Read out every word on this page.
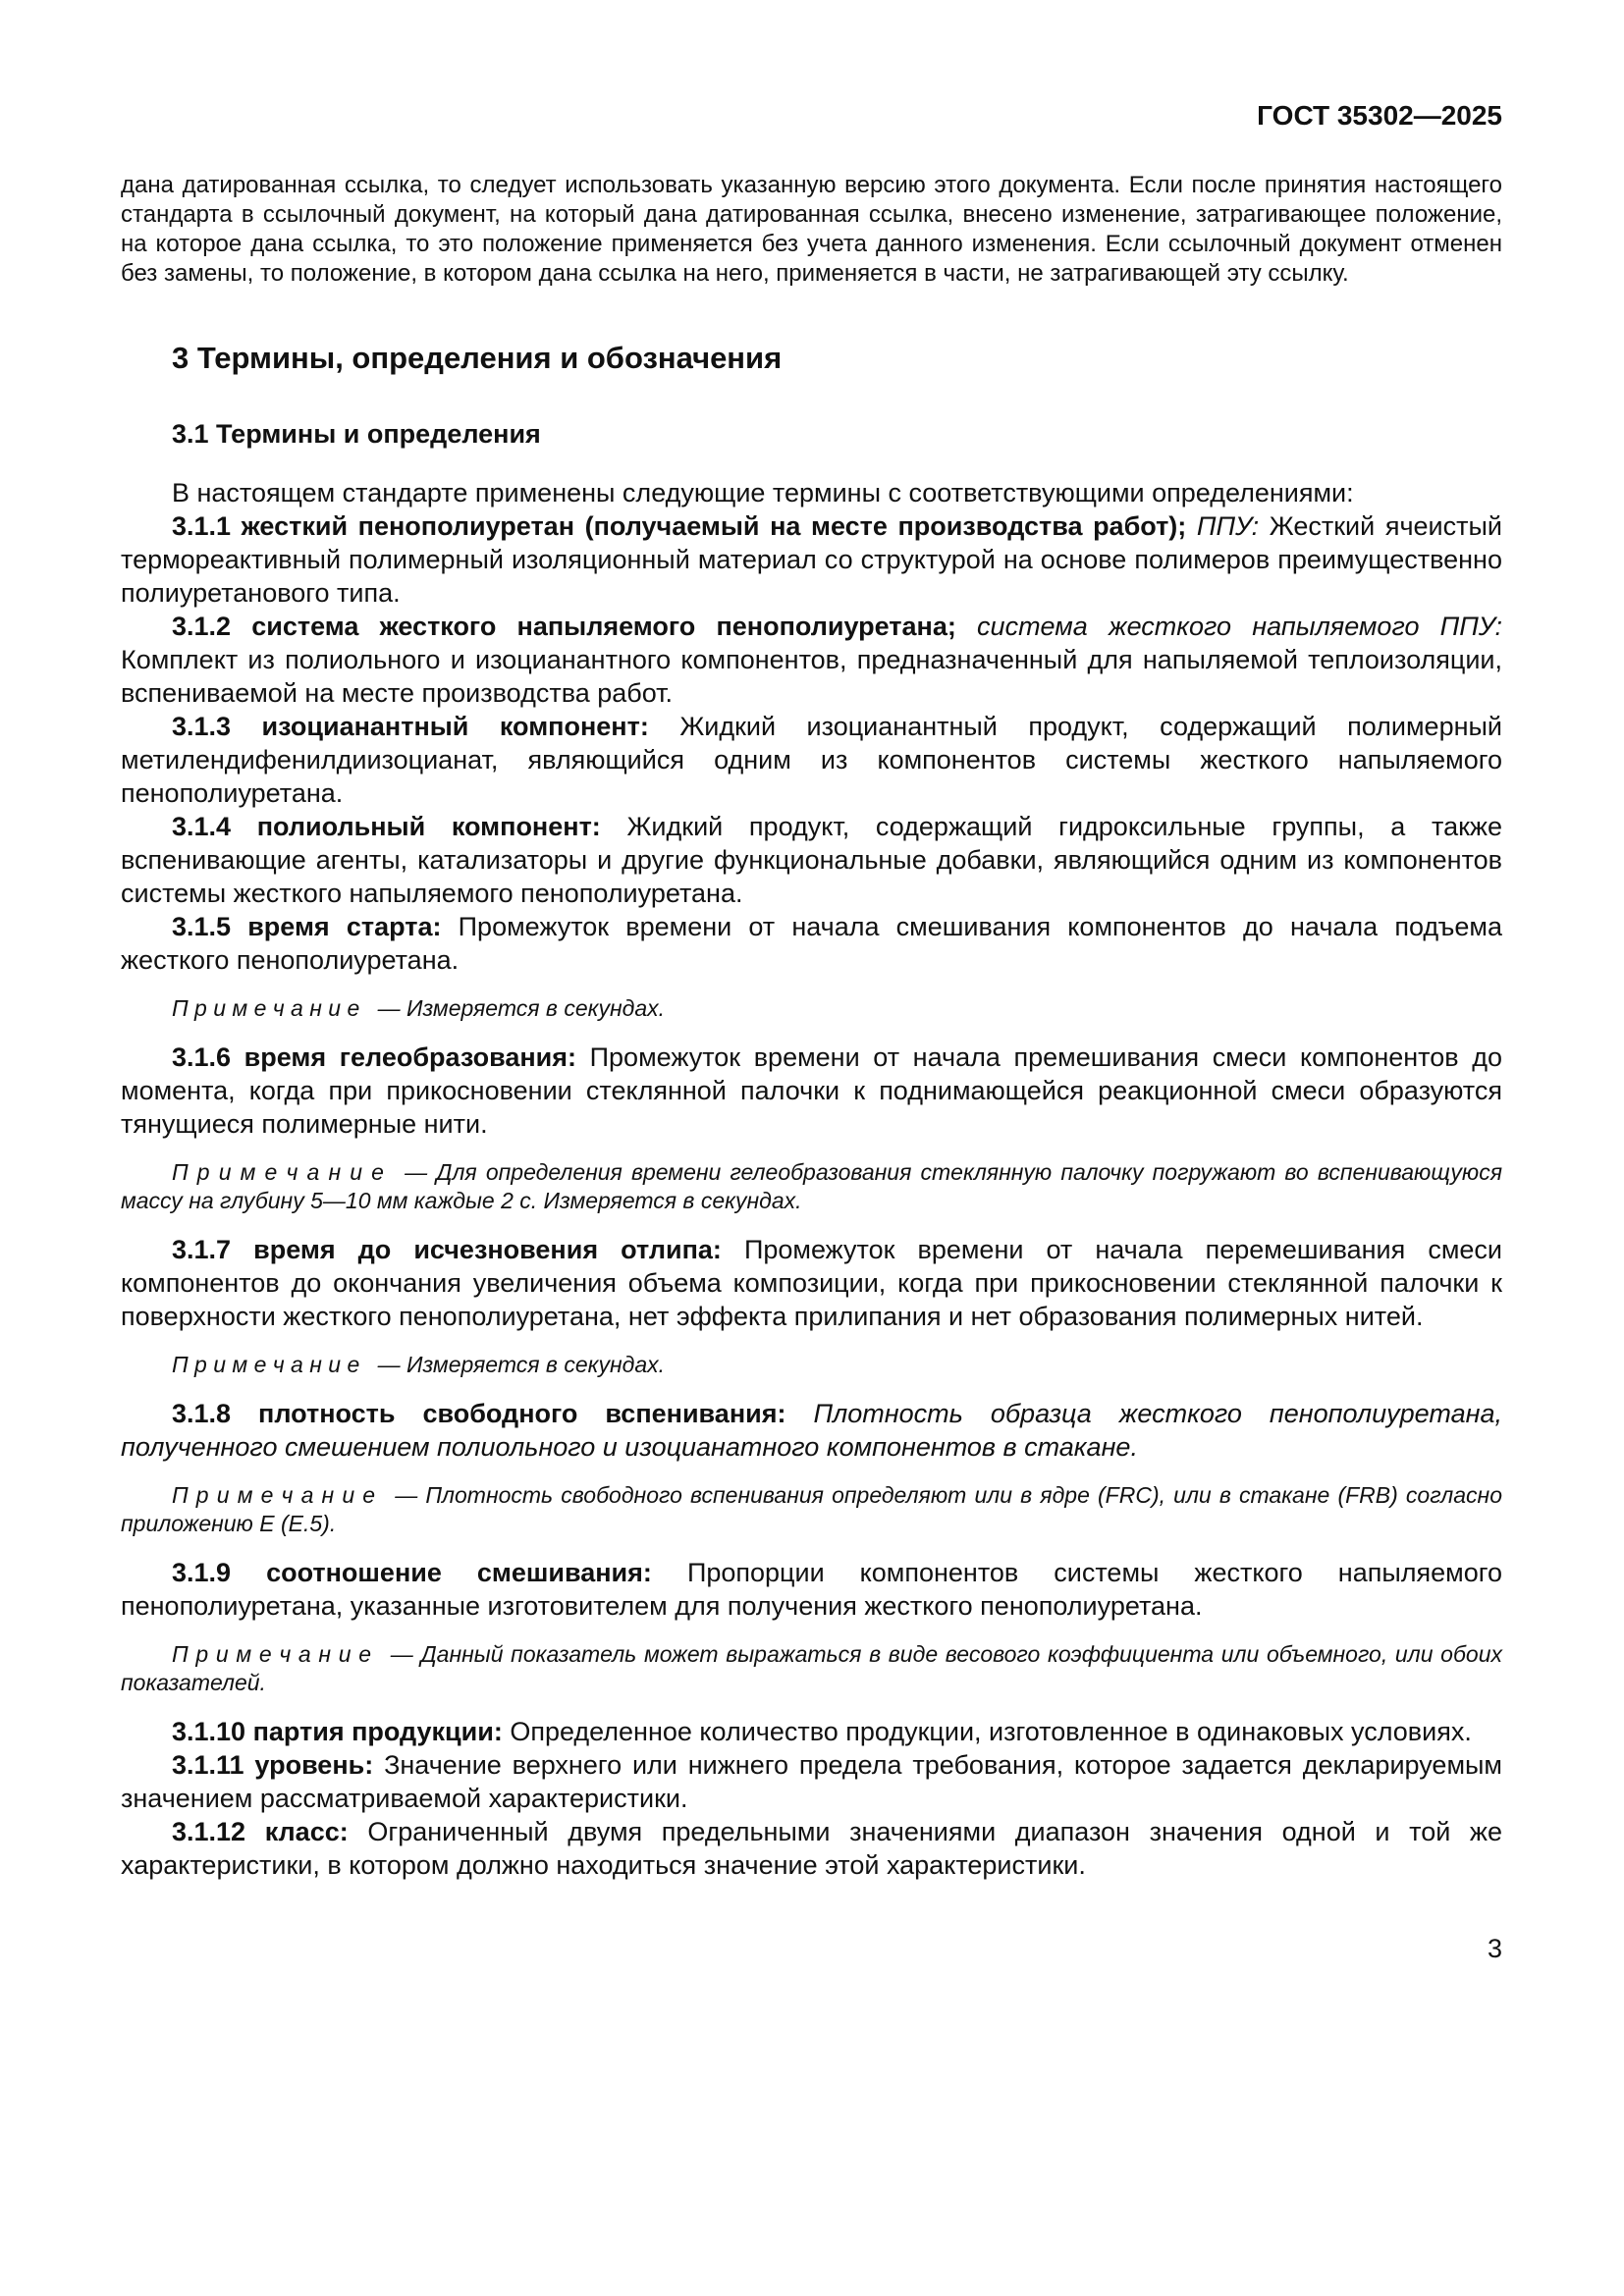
ГОСТ 35302—2025

дана датированная ссылка, то следует использовать указанную версию этого документа. Если после принятия настоящего стандарта в ссылочный документ, на который дана датированная ссылка, внесено изменение, затрагивающее положение, на которое дана ссылка, то это положение применяется без учета данного изменения. Если ссылочный документ отменен без замены, то положение, в котором дана ссылка на него, применяется в части, не затрагивающей эту ссылку.

3 Термины, определения и обозначения
3.1 Термины и определения

В настоящем стандарте применены следующие термины с соответствующими определениями:

3.1.1 жесткий пенополиуретан (получаемый на месте производства работ); ППУ: Жесткий ячеистый термореактивный полимерный изоляционный материал со структурой на основе полимеров преимущественно полиуретанового типа.

3.1.2 система жесткого напыляемого пенополиуретана; система жесткого напыляемого ППУ: Комплект из полиольного и изоцианантного компонентов, предназначенный для напыляемой теплоизоляции, вспениваемой на месте производства работ.

3.1.3 изоцианантный компонент: Жидкий изоцианантный продукт, содержащий полимерный метилендифенилдиизоцианат, являющийся одним из компонентов системы жесткого напыляемого пенополиуретана.

3.1.4 полиольный компонент: Жидкий продукт, содержащий гидроксильные группы, а также вспенивающие агенты, катализаторы и другие функциональные добавки, являющийся одним из компонентов системы жесткого напыляемого пенополиуретана.

3.1.5 время старта: Промежуток времени от начала смешивания компонентов до начала подъема жесткого пенополиуретана.

П р и м е ч а н и е — Измеряется в секундах.

3.1.6 время гелеобразования: Промежуток времени от начала премешивания смеси компонентов до момента, когда при прикосновении стеклянной палочки к поднимающейся реакционной смеси образуются тянущиеся полимерные нити.

П р и м е ч а н и е — Для определения времени гелеобразования стеклянную палочку погружают во вспенивающуюся массу на глубину 5—10 мм каждые 2 с. Измеряется в секундах.

3.1.7 время до исчезновения отлипа: Промежуток времени от начала перемешивания смеси компонентов до окончания увеличения объема композиции, когда при прикосновении стеклянной палочки к поверхности жесткого пенополиуретана, нет эффекта прилипания и нет образования полимерных нитей.

П р и м е ч а н и е — Измеряется в секундах.

3.1.8 плотность свободного вспенивания: Плотность образца жесткого пенополиуретана, полученного смешением полиольного и изоцианатного компонентов в стакане.

П р и м е ч а н и е — Плотность свободного вспенивания определяют или в ядре (FRC), или в стакане (FRB) согласно приложению Е (Е.5).

3.1.9 соотношение смешивания: Пропорции компонентов системы жесткого напыляемого пенополиуретана, указанные изготовителем для получения жесткого пенополиуретана.

П р и м е ч а н и е — Данный показатель может выражаться в виде весового коэффициента или объемного, или обоих показателей.

3.1.10 партия продукции: Определенное количество продукции, изготовленное в одинаковых условиях.

3.1.11 уровень: Значение верхнего или нижнего предела требования, которое задается декларируемым значением рассматриваемой характеристики.

3.1.12 класс: Ограниченный двумя предельными значениями диапазон значения одной и той же характеристики, в котором должно находиться значение этой характеристики.

3
